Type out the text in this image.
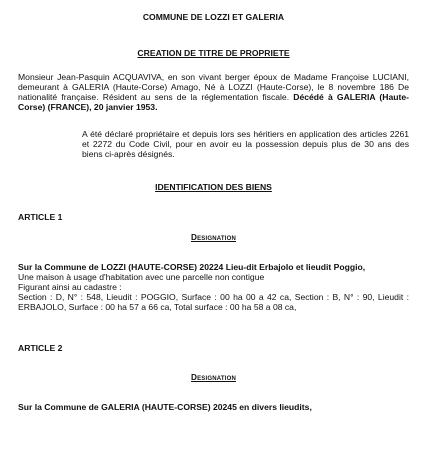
COMMUNE DE LOZZI ET GALERIA
CREATION DE TITRE DE PROPRIETE
Monsieur Jean-Pasquin ACQUAVIVA, en son vivant berger époux de Madame Françoise LUCIANI, demeurant à GALERIA (Haute-Corse) Amago, Né à LOZZI (Haute-Corse), le 8 novembre 186 De nationalité française. Résident au sens de la réglementation fiscale. Décédé à GALERIA (Haute-Corse) (FRANCE), 20 janvier 1953.

A été déclaré propriétaire et depuis lors ses héritiers en application des articles 2261 et 2272 du Code Civil, pour en avoir eu la possession depuis plus de 30 ans des biens ci-après désignés.

IDENTIFICATION DES BIENS
ARTICLE 1
Designation

Sur la Commune de LOZZI (HAUTE-CORSE) 20224 Lieu-dit Erbajolo et lieudit Poggio,

Une maison à usage d'habitation avec une parcelle non contigue

Figurant ainsi au cadastre :

Section : D, N° : 548, Lieudit : POGGIO, Surface : 00 ha 00 a 42 ca, Section : B, N° : 90, Lieudit : ERBAJOLO, Surface : 00 ha 57 a 66 ca, Total surface : 00 ha 58 a 08 ca,

ARTICLE 2
Designation
Sur la Commune de GALERIA (HAUTE-CORSE) 20245 en divers lieudits,
